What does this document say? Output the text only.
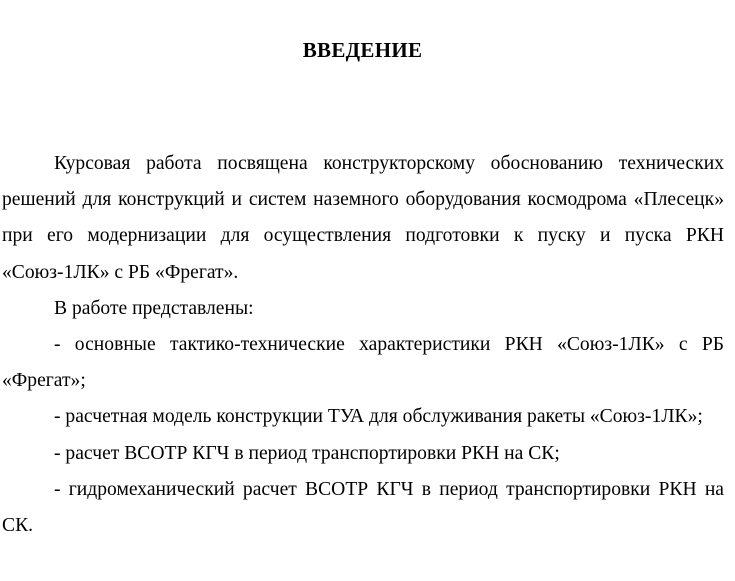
ВВЕДЕНИЕ

Курсовая работа посвящена конструкторскому обоснованию технических решений для конструкций и систем наземного оборудования космодрома «Плесецк» при его модернизации для осуществления подготовки к пуску и пуска РКН «Союз-1ЛК» с РБ «Фрегат».

В работе представлены:

- основные тактико-технические характеристики РКН «Союз-1ЛК» с РБ «Фрегат»;

- расчетная модель конструкции ТУА для обслуживания ракеты «Союз-1ЛК»;

- расчет ВСОТР КГЧ в период транспортировки РКН на СК;

- гидромеханический расчет ВСОТР КГЧ в период транспортировки РКН на СК.
